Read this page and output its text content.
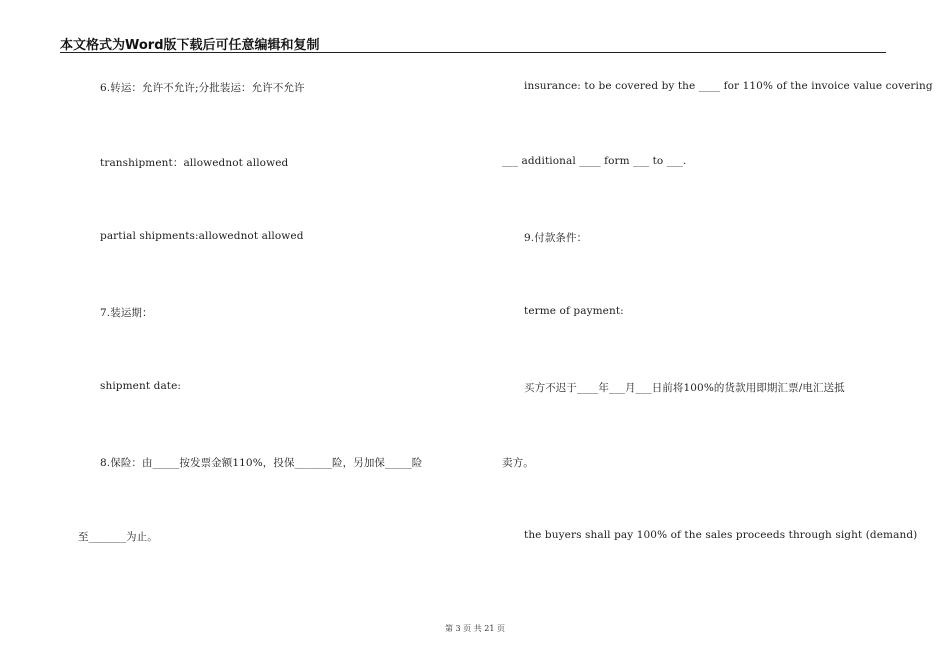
本文格式为Word版下载后可任意编辑和复制
6.转运：允许不允许;分批装运：允许不允许
transhipment：allowednot allowed
partial shipments:allowednot allowed
7.装运期：
shipment date:
8.保险：由_____按发票金额110%，投保_______险，另加保_____险
至_______为止。
insurance: to be covered by the ____ for 110% of the invoice value covering
___ additional ____ form ___ to ___.
9.付款条件：
terme of payment:
买方不迟于____年___月___日前将100%的货款用即期汇票/电汇送抵
卖方。
the buyers shall pay 100% of the sales proceeds through sight (demand)
第 3 页 共 21 页
